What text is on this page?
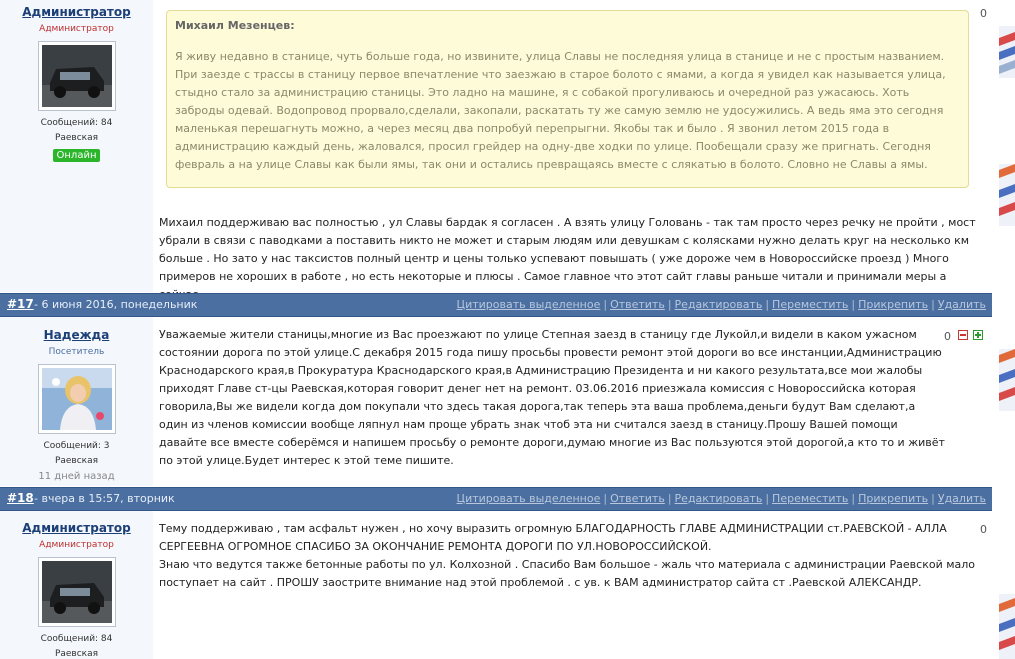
Администратор
Администратор
Сообщений: 84
Раевская
Онлайн
0
Михаил Мезенцев:
Я живу недавно в станице, чуть больше года, но извините, улица Славы не последняя улица в станице и не с простым названием. При заезде с трассы в станицу первое впечатление что заезжаю в старое болото с ямами, а когда я увидел как называется улица, стыдно стало за администрацию станицы. Это ладно на машине, я с собакой прогуливаюсь и очередной раз ужасаюсь. Хоть заброды одевай. Водопровод прорвало,сделали, закопали, раскатать ту же самую землю не удосужились. А ведь яма это сегодня маленькая перешагнуть можно, а через месяц два попробуй перепрыгни. Якобы так и было . Я звонил летом 2015 года в администрацию каждый день, жаловался, просил грейдер на одну-две ходки по улице. Пообещали сразу же пригнать. Сегодня февраль а на улице Славы как были ямы, так они и остались превращаясь вместе с слякатью в болото. Словно не Славы а ямы.
Михаил поддерживаю вас полностью , ул Славы бардак я согласен . А взять улицу Головань - так там просто через речку не пройти , мост убрали в связи с паводками а поставить никто не может и старым людям или девушкам с колясками нужно делать круг на несколько км больше . Но зато у нас таксистов полный центр и цены только успевают повышать ( уже дороже чем в Новороссийске проезд ) Много примеров не хороших в работе , но есть некоторые и плюсы . Самое главное что этот сайт главы раньше читали и принимали меры а
#17 - 6 июня 2016, понедельник	Цитировать выделенное | Ответить | Редактировать | Переместить | Прикрепить | Удалить
Надежда
Посетитель
Сообщений: 3
Раевская
11 дней назад
0
Уважаемые жители станицы,многие из Вас проезжают по улице Степная заезд в станицу где Лукойл,и видели в каком ужасном состоянии дорога по этой улице.С декабря 2015 года пишу просьбы провести ремонт этой дороги во все инстанции,Администрацию Краснодарского края,в Прокуратура Краснодарского края,в Администрацию Президента и ни какого результата,все мои жалобы приходят Главе ст-цы Раевская,которая говорит денег нет на ремонт. 03.06.2016 приезжала комиссия с Новороссийска которая говорила,Вы же видели когда дом покупали что здесь такая дорога,так теперь эта ваша проблема,деньги будут Вам сделают,а один из членов комиссии вообще ляпнул нам проще убрать знак чтоб эта ни считался заезд в станицу.Прошу Вашей помощи давайте все вместе соберёмся и напишем просьбу о ремонте дороги,думаю многие из Вас пользуются этой дорогой,а кто то и живёт по этой улице.Будет интерес к этой теме пишите.
#18 - вчера в 15:57, вторник	Цитировать выделенное | Ответить | Редактировать | Переместить | Прикрепить | Удалить
Администратор
Администратор
Сообщений: 84
Раевская
0
Тему поддерживаю , там асфальт нужен , но хочу выразить огромную БЛАГОДАРНОСТЬ ГЛАВЕ АДМИНИСТРАЦИИ ст.РАЕВСКОЙ - АЛЛА СЕРГЕЕВНА ОГРОМНОЕ СПАСИБО ЗА ОКОНЧАНИЕ РЕМОНТА ДОРОГИ ПО УЛ.НОВОРОССИЙСКОЙ.
Знаю что ведутся также бетонные работы по ул. Колхозной . Спасибо Вам большое - жаль что материала с администрации Раевской мало поступает на сайт . ПРОШУ заострите внимание над этой проблемой . с ув. к ВАМ администратор сайта ст .Раевской АЛЕКСАНДР.
